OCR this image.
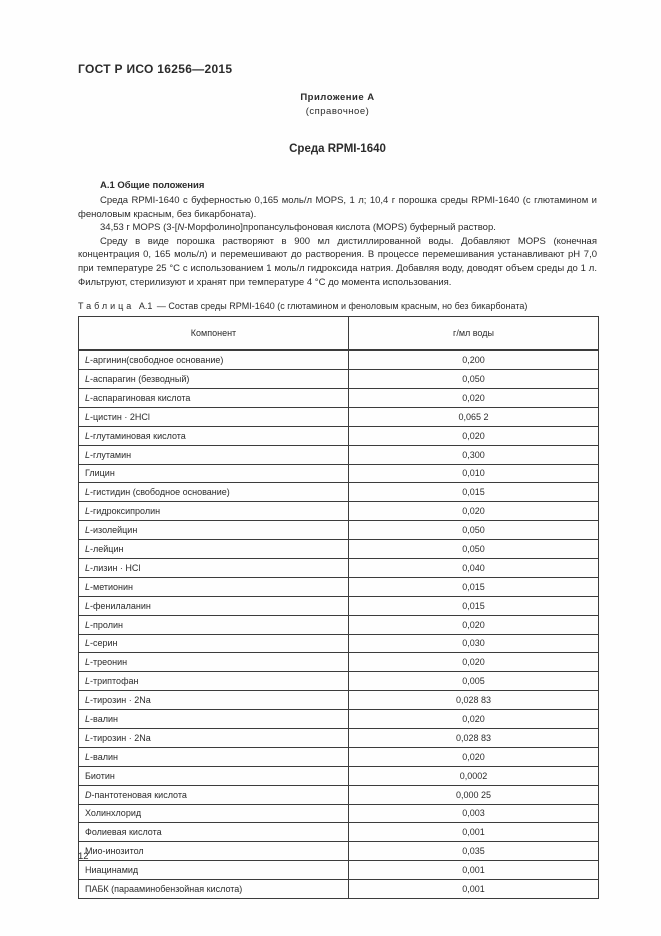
ГОСТ Р ИСО 16256—2015
Приложение А
(справочное)
Среда RPMI-1640
А.1 Общие положения

Среда RPMI-1640 с буферностью 0,165 моль/л MOPS, 1 л; 10,4 г порошка среды RPMI-1640 (с глютамином и феноловым красным, без бикарбоната).

34,53 г MOPS (3-[N-Морфолино]пропансульфоновая кислота (MOPS) буферный раствор.

Среду в виде порошка растворяют в 900 мл дистиллированной воды. Добавляют MOPS (конечная концентрация 0, 165 моль/л) и перемешивают до растворения. В процессе перемешивания устанавливают pH 7,0 при температуре 25 °С с использованием 1 моль/л гидроксида натрия. Добавляя воду, доводят объем среды до 1 л. Фильтруют, стерилизуют и хранят при температуре 4 °С до момента использования.

Таблица А.1 — Состав среды RPMI-1640 (с глютамином и феноловым красным, но без бикарбоната)
Компонент	г/мл воды
L-аргинин(свободное основание)	0,200
L-аспарагин (безводный)	0,050
L-аспарагиновая кислота	0,020
L-цистин · 2HCl	0,065 2
L-глутаминовая кислота	0,020
L-глутамин	0,300
Глицин	0,010
L-гистидин (свободное основание)	0,015
L-гидроксипролин	0,020
L-изолейцин	0,050
L-лейцин	0,050
L-лизин · HCl	0,040
L-метионин	0,015
L-фенилаланин	0,015
L-пролин	0,020
L-серин	0,030
L-треонин	0,020
L-триптофан	0,005
L-тирозин · 2Na	0,028 83
L-валин	0,020
L-тирозин · 2Na	0,028 83
L-валин	0,020
Биотин	0,0002
D-пантотеновая кислота	0,000 25
Холинхлорид	0,003
Фолиевая кислота	0,001
Мио-инозитол	0,035
Ниацинамид	0,001
ПАБК (парааминобензойная кислота)	0,001
12
